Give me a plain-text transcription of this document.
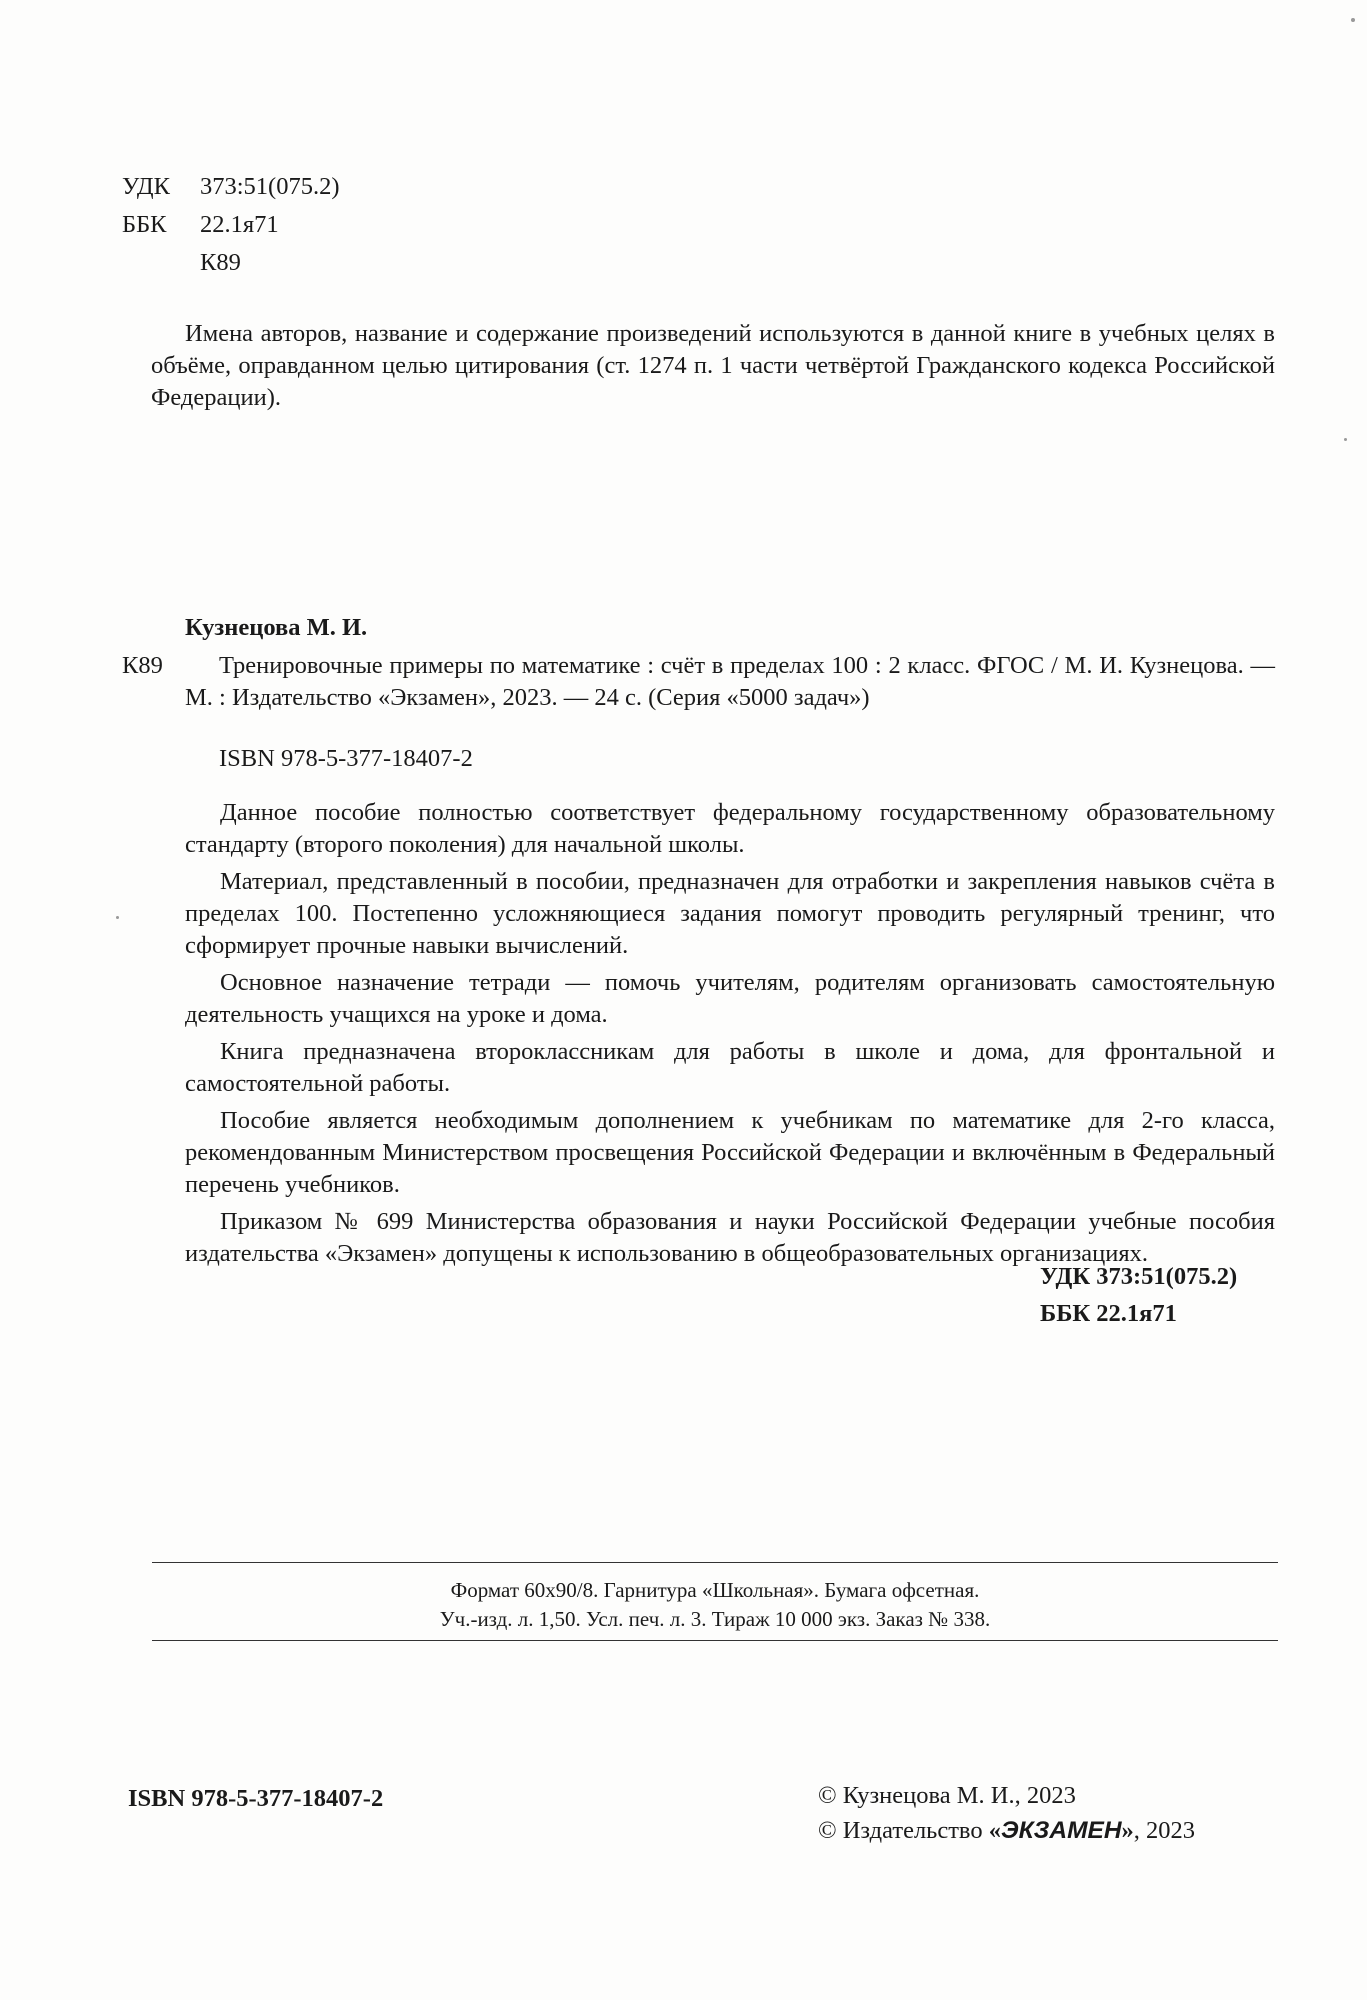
УДК 373:51(075.2)
ББК 22.1я71
К89

Имена авторов, название и содержание произведений используются в данной книге в учебных целях в объёме, оправданном целью цитирования (ст. 1274 п. 1 части четвёртой Гражданского кодекса Российской Федерации).

Кузнецова М. И.
К89	Тренировочные примеры по математике : счёт в пределах 100 : 2 класс. ФГОС / М. И. Кузнецова. — М. : Издательство «Экзамен», 2023. — 24 с. (Серия «5000 задач»)
ISBN 978-5-377-18407-2

Данное пособие полностью соответствует федеральному государственному образовательному стандарту (второго поколения) для начальной школы.

Материал, представленный в пособии, предназначен для отработки и закрепления навыков счёта в пределах 100. Постепенно усложняющиеся задания помогут проводить регулярный тренинг, что сформирует прочные навыки вычислений.

Основное назначение тетради — помочь учителям, родителям организовать самостоятельную деятельность учащихся на уроке и дома.

Книга предназначена второклассникам для работы в школе и дома, для фронтальной и самостоятельной работы.

Пособие является необходимым дополнением к учебникам по математике для 2-го класса, рекомендованным Министерством просвещения Российской Федерации и включённым в Федеральный перечень учебников.

Приказом № 699 Министерства образования и науки Российской Федерации учебные пособия издательства «Экзамен» допущены к использованию в общеобразовательных организациях.

УДК 373:51(075.2)
ББК 22.1я71
Формат 60x90/8. Гарнитура «Школьная». Бумага офсетная.
Уч.-изд. л. 1,50. Усл. печ. л. 3. Тираж 10 000 экз. Заказ № 338.
ISBN 978-5-377-18407-2	© Кузнецова М. И., 2023
© Издательство «ЭКЗАМЕН», 2023
